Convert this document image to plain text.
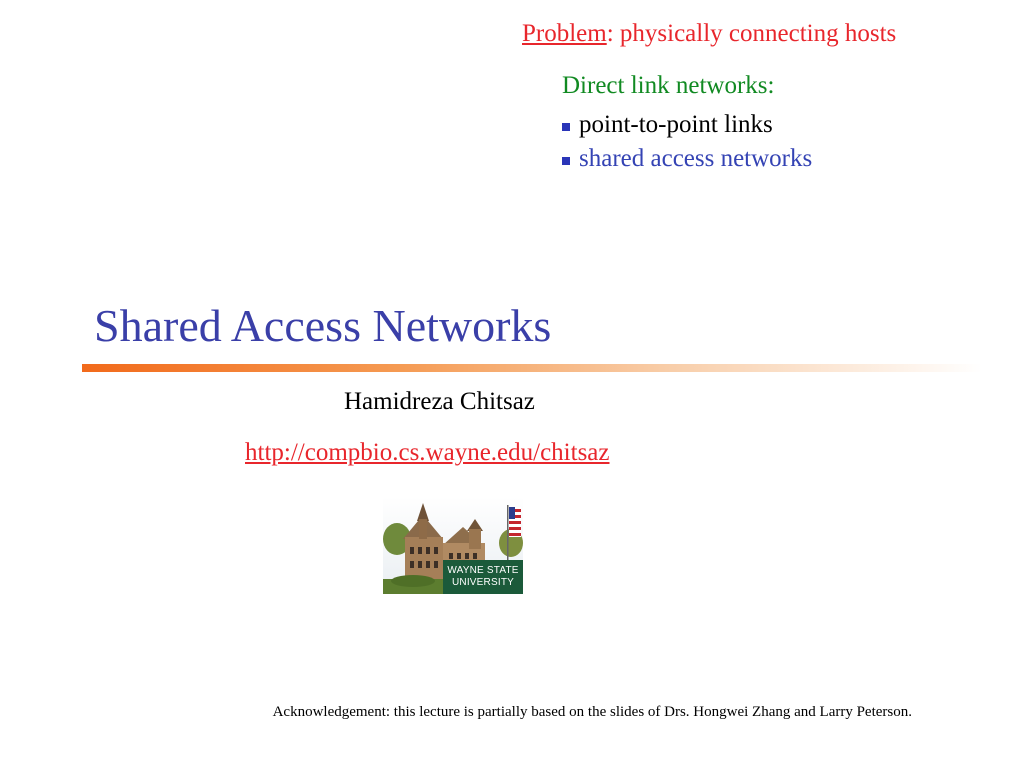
Problem: physically connecting hosts
Direct link networks:
point-to-point links
shared access networks
Shared Access Networks
Hamidreza Chitsaz
http://compbio.cs.wayne.edu/chitsaz
WAYNE STATE
UNIVERSITY
Acknowledgement: this lecture is partially based on the slides of Drs. Hongwei Zhang and Larry Peterson.
